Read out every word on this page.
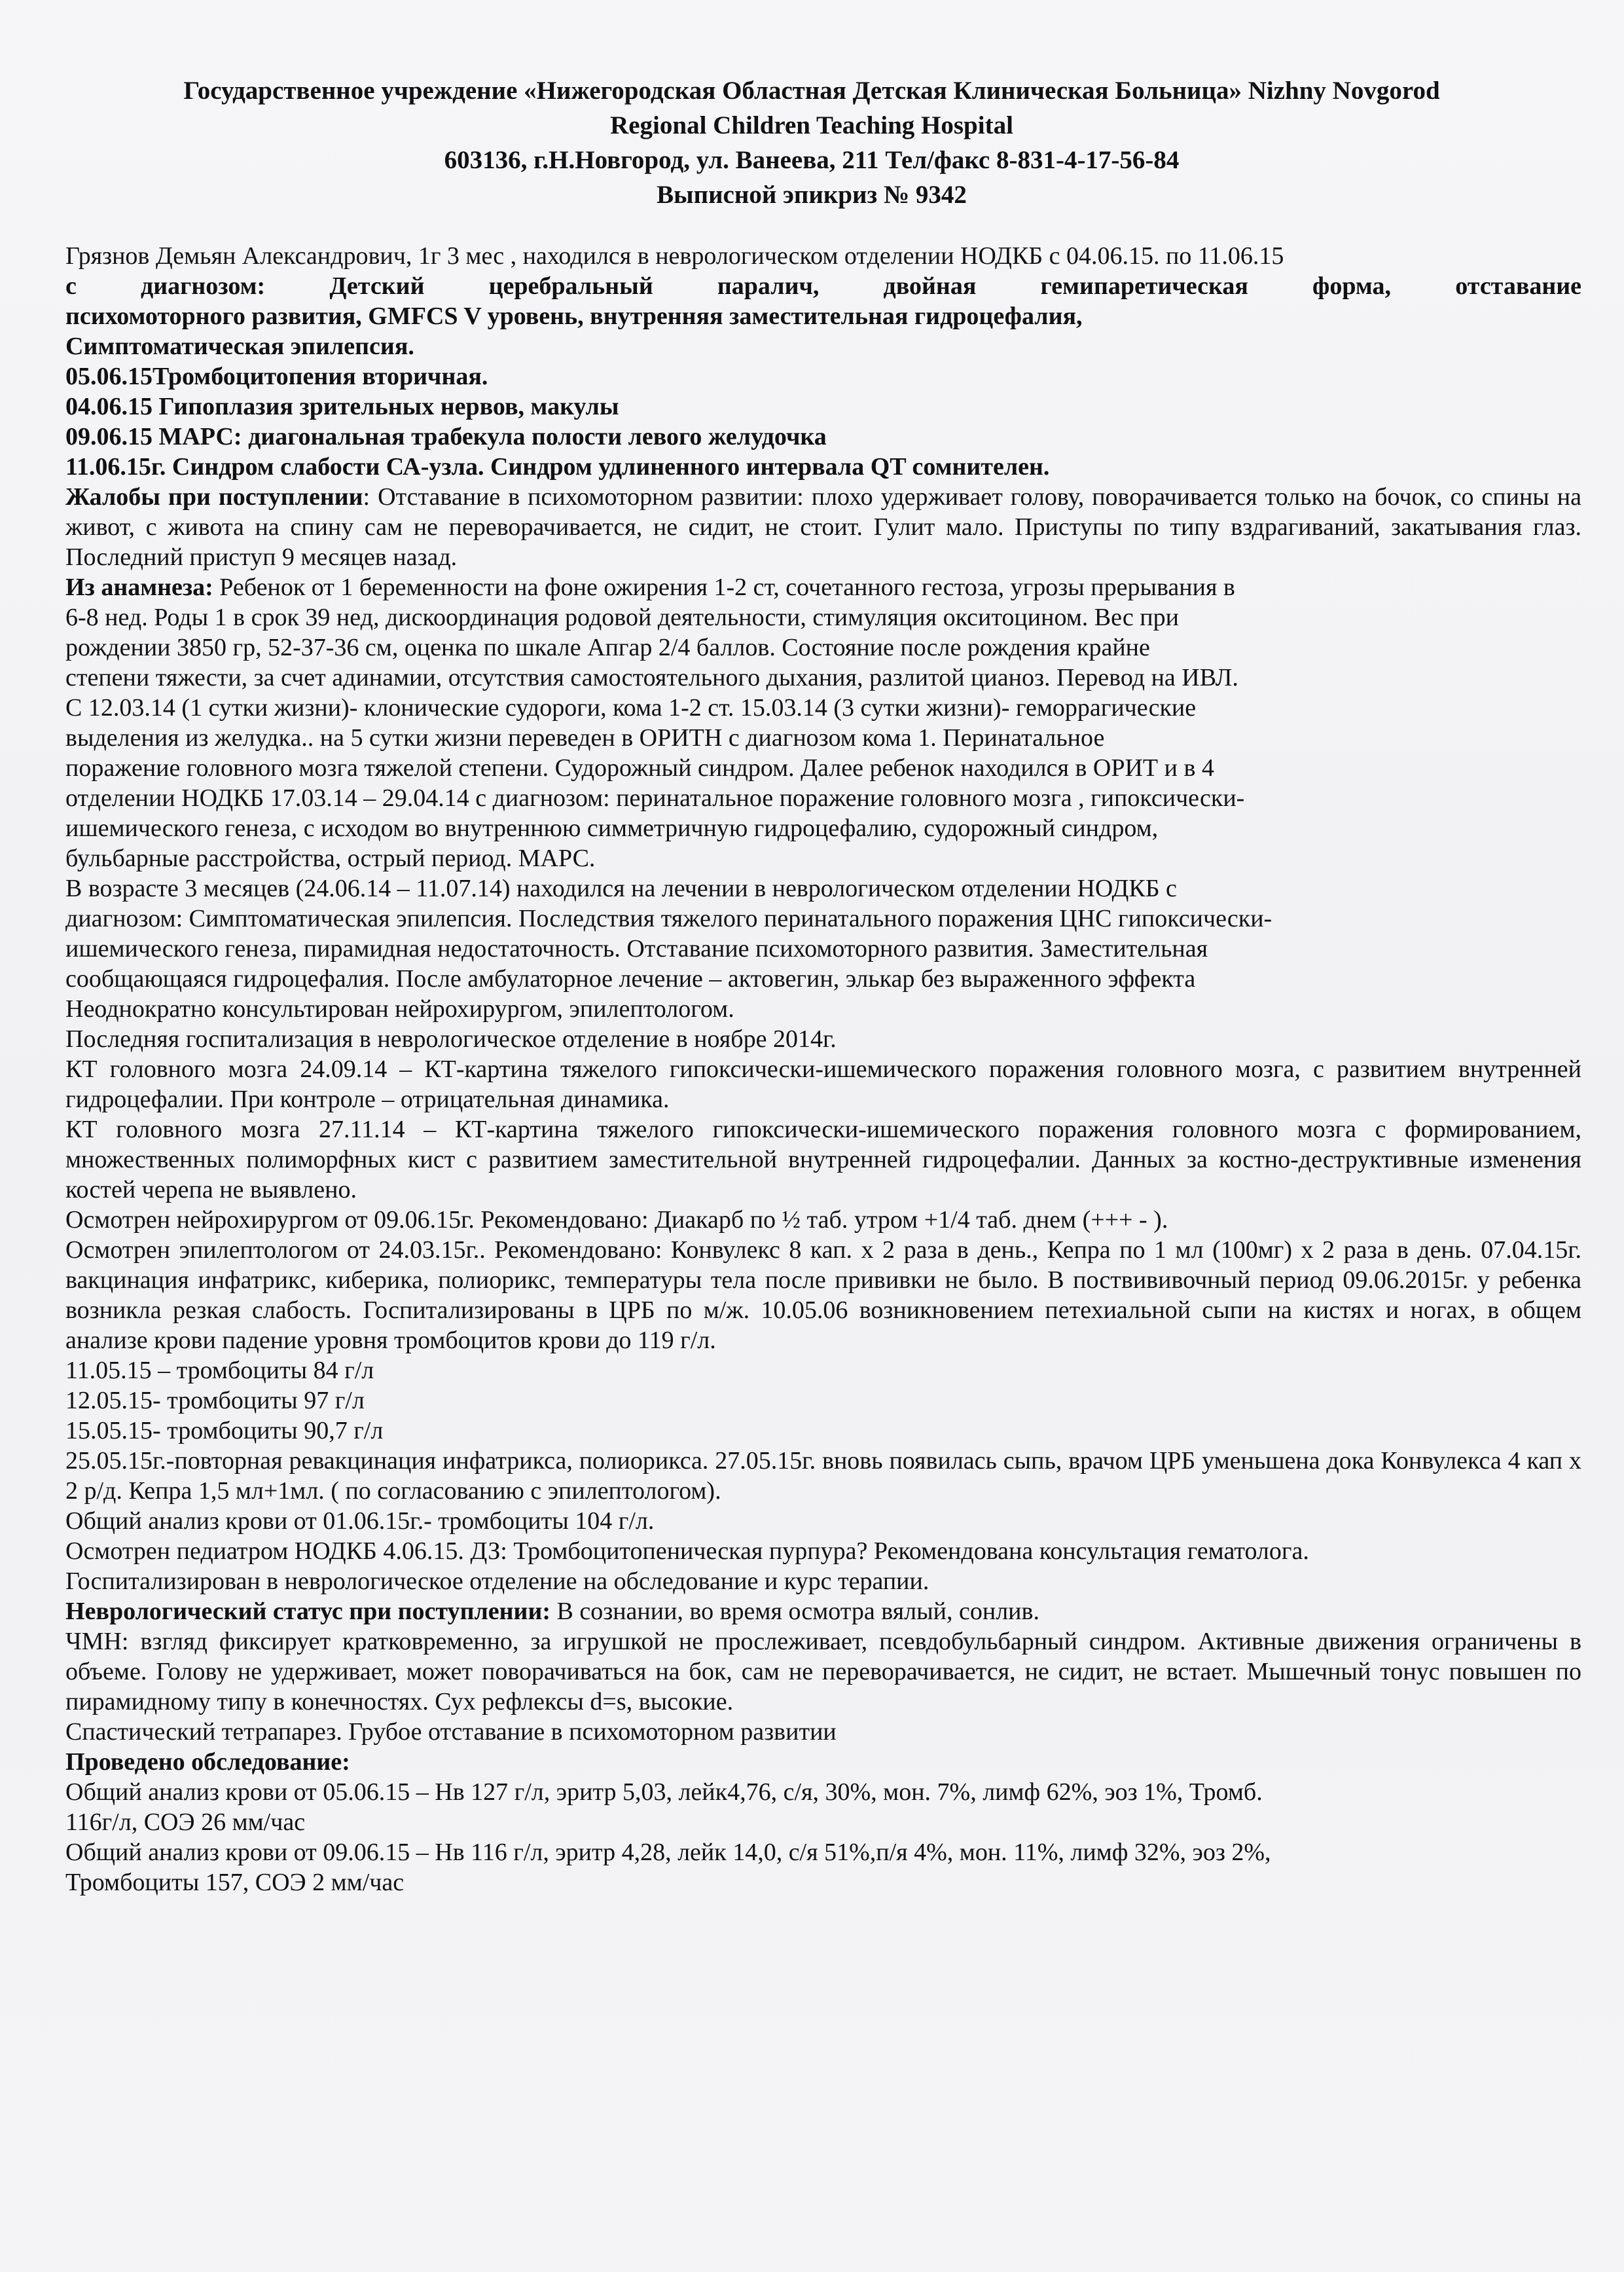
Государственное учреждение «Нижегородская Областная Детская Клиническая Больница» Nizhny Novgorod
Regional Children Teaching Hospital
603136, г.Н.Новгород, ул. Ванеева, 211 Тел/факс 8-831-4-17-56-84
Выписной эпикриз № 9342

Грязнов Демьян Александрович, 1г 3 мес , находился в неврологическом отделении НОДКБ с 04.06.15. по 11.06.15

с диагнозом: Детский церебральный паралич, двойная гемипаретическая форма, отставание

психомоторного развития, GMFCS V уровень, внутренняя заместительная гидроцефалия,

Симптоматическая эпилепсия.

05.06.15Тромбоцитопения вторичная.

04.06.15 Гипоплазия зрительных нервов, макулы

09.06.15 МАРС: диагональная трабекула полости левого желудочка

11.06.15г. Синдром слабости СА-узла. Синдром удлиненного интервала QT сомнителен.

Жалобы при поступлении: Отставание в психомоторном развитии: плохо удерживает голову, поворачивается только на бочок, со спины на живот, с живота на спину сам не переворачивается, не сидит, не стоит. Гулит мало. Приступы по типу вздрагиваний, закатывания глаз. Последний приступ 9 месяцев назад.

Из анамнеза: Ребенок от 1 беременности на фоне ожирения 1-2 ст, сочетанного гестоза, угрозы прерывания в

6-8 нед. Роды 1 в срок 39 нед, дискоординация родовой деятельности, стимуляция окситоцином. Вес при

рождении 3850 гр, 52-37-36 см, оценка по шкале Апгар 2/4 баллов. Состояние после рождения крайне

степени тяжести, за счет адинамии, отсутствия самостоятельного дыхания, разлитой цианоз. Перевод на ИВЛ.

С 12.03.14 (1 сутки жизни)- клонические судороги, кома 1-2 ст. 15.03.14 (3 сутки жизни)- геморрагические

выделения из желудка.. на 5 сутки жизни переведен в ОРИТН с диагнозом кома 1. Перинатальное

поражение головного мозга тяжелой степени. Судорожный синдром. Далее ребенок находился в ОРИТ и в 4

отделении НОДКБ 17.03.14 – 29.04.14 с диагнозом: перинатальное поражение головного мозга , гипоксически-

ишемического генеза, с исходом во внутреннюю симметричную гидроцефалию, судорожный синдром,

бульбарные расстройства, острый период. МАРС.

В возрасте 3 месяцев (24.06.14 – 11.07.14) находился на лечении в неврологическом отделении НОДКБ с

диагнозом: Симптоматическая эпилепсия. Последствия тяжелого перинатального поражения ЦНС гипоксически-

ишемического генеза, пирамидная недостаточность. Отставание психомоторного развития. Заместительная

сообщающаяся гидроцефалия. После амбулаторное лечение – актовегин, элькар без выраженного эффекта

Неоднократно консультирован нейрохирургом, эпилептологом.

Последняя госпитализация в неврологическое отделение в ноябре 2014г.

КТ головного мозга 24.09.14 – КТ-картина тяжелого гипоксически-ишемического поражения головного мозга, с развитием внутренней гидроцефалии. При контроле – отрицательная динамика.

КТ головного мозга 27.11.14 – КТ-картина тяжелого гипоксически-ишемического поражения головного мозга с формированием, множественных полиморфных кист с развитием заместительной внутренней гидроцефалии. Данных за костно-деструктивные изменения костей черепа не выявлено.

Осмотрен нейрохирургом от 09.06.15г. Рекомендовано: Диакарб по ½ таб. утром +1/4 таб. днем (+++ - ).

Осмотрен эпилептологом от 24.03.15г.. Рекомендовано: Конвулекс 8 кап. х 2 раза в день., Кепра по 1 мл (100мг) х 2 раза в день. 07.04.15г. вакцинация инфатрикс, киберика, полиорикс, температуры тела после прививки не было. В поствививочный период 09.06.2015г. у ребенка возникла резкая слабость. Госпитализированы в ЦРБ по м/ж. 10.05.06 возникновением петехиальной сыпи на кистях и ногах, в общем анализе крови падение уровня тромбоцитов крови до 119 г/л.

11.05.15 – тромбоциты 84 г/л

12.05.15- тромбоциты 97 г/л

15.05.15- тромбоциты 90,7 г/л

25.05.15г.-повторная ревакцинация инфатрикса, полиорикса. 27.05.15г. вновь появилась сыпь, врачом ЦРБ уменьшена дока Конвулекса 4 кап х 2 р/д. Кепра 1,5 мл+1мл. ( по согласованию с эпилептологом).

Общий анализ крови от 01.06.15г.- тромбоциты 104 г/л.

Осмотрен педиатром НОДКБ 4.06.15. ДЗ: Тромбоцитопеническая пурпура? Рекомендована консультация гематолога.

Госпитализирован в неврологическое отделение на обследование и курс терапии.

Неврологический статус при поступлении: В сознании, во время осмотра вялый, сонлив.

ЧМН: взгляд фиксирует кратковременно, за игрушкой не прослеживает, псевдобульбарный синдром. Активные движения ограничены в объеме. Голову не удерживает, может поворачиваться на бок, сам не переворачивается, не сидит, не встает. Мышечный тонус повышен по пирамидному типу в конечностях. Сух рефлексы d=s, высокие.

Спастический тетрапарез. Грубое отставание в психомоторном развитии

Проведено обследование:

Общий анализ крови от 05.06.15 – Нв 127 г/л, эритр 5,03, лейк4,76, с/я, 30%, мон. 7%, лимф 62%, эоз 1%, Тромб.

116г/л, СОЭ 26 мм/час

Общий анализ крови от 09.06.15 – Нв 116 г/л, эритр 4,28, лейк 14,0, с/я 51%,п/я 4%, мон. 11%, лимф 32%, эоз 2%,

Тромбоциты 157, СОЭ 2 мм/час
